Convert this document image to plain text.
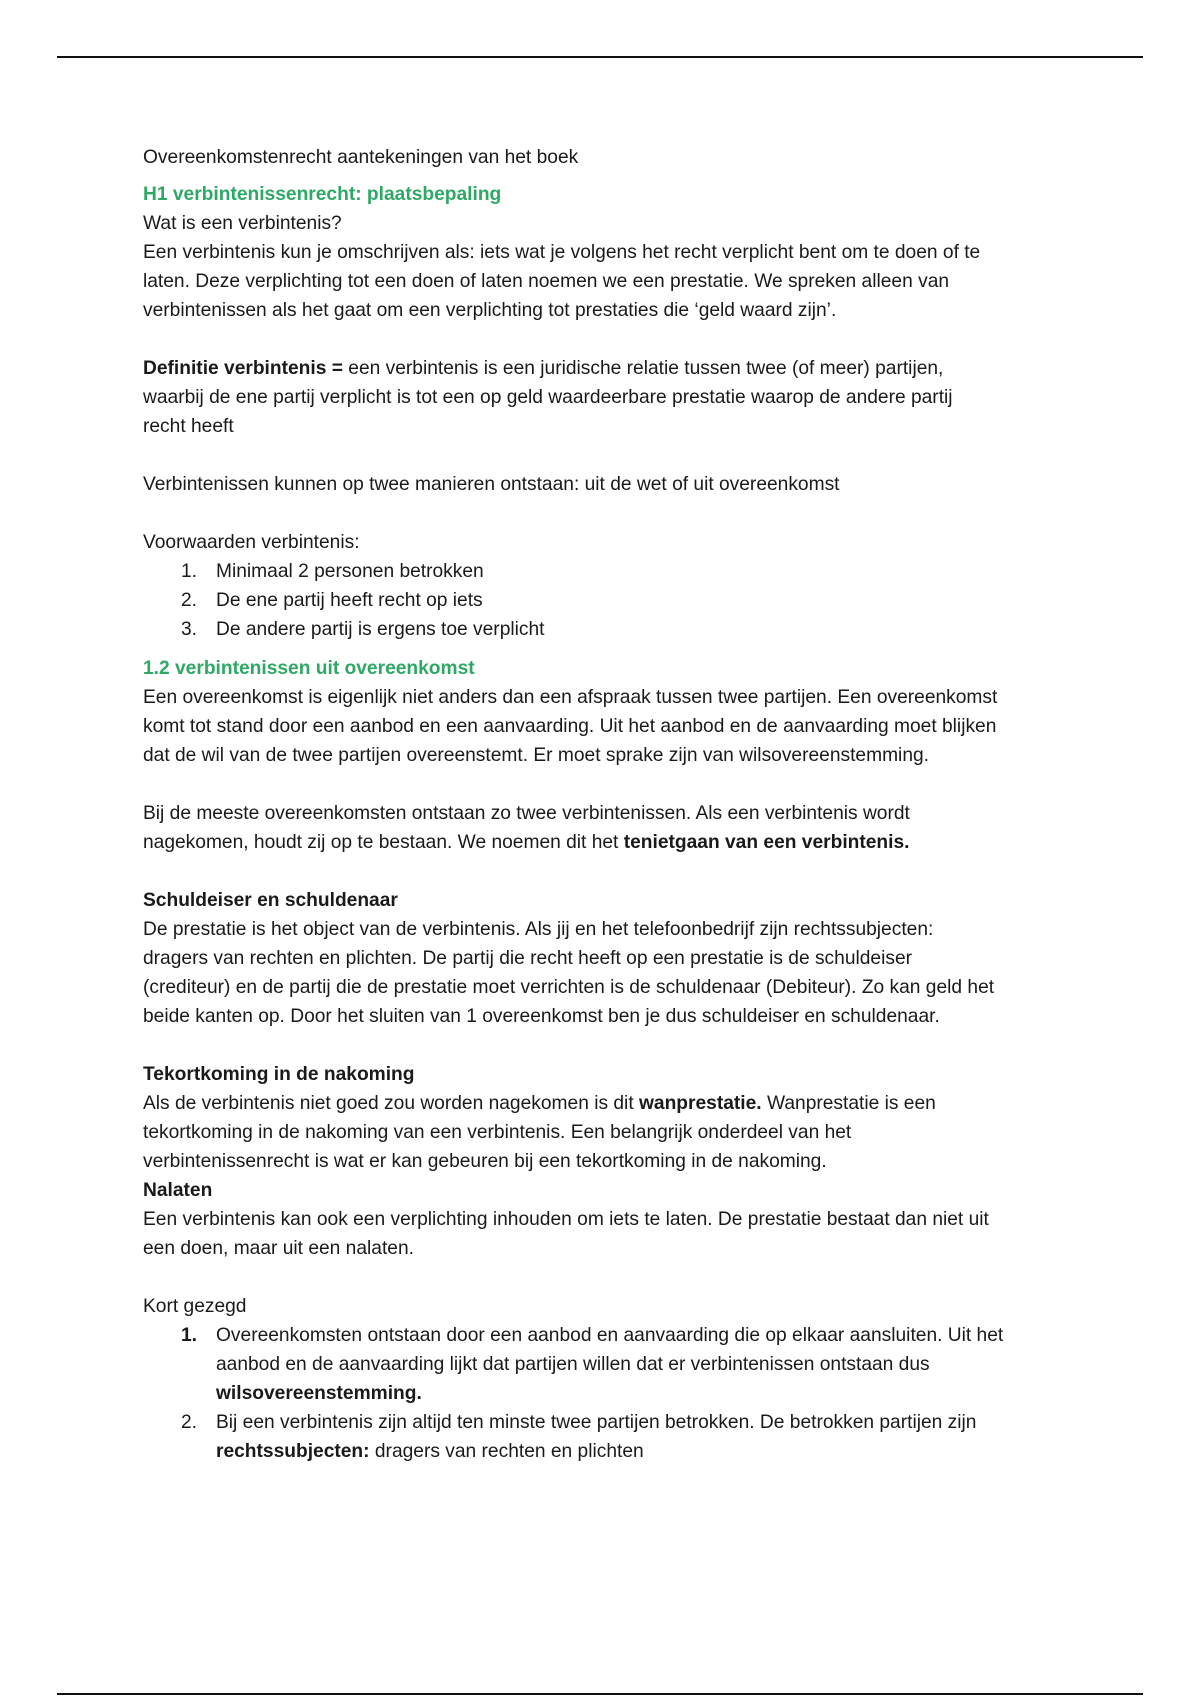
Overeenkomstenrecht aantekeningen van het boek
H1 verbintenissenrecht: plaatsbepaling
Wat is een verbintenis?
Een verbintenis kun je omschrijven als: iets wat je volgens het recht verplicht bent om te doen of te
laten. Deze verplichting tot een doen of laten noemen we een prestatie. We spreken alleen van
verbintenissen als het gaat om een verplichting tot prestaties die ‘geld waard zijn’.
Definitie verbintenis = een verbintenis is een juridische relatie tussen twee (of meer) partijen,
waarbij de ene partij verplicht is tot een op geld waardeerbare prestatie waarop de andere partij
recht heeft
Verbintenissen kunnen op twee manieren ontstaan: uit de wet of uit overeenkomst
Voorwaarden verbintenis:
1. Minimaal 2 personen betrokken
2. De ene partij heeft recht op iets
3. De andere partij is ergens toe verplicht
1.2 verbintenissen uit overeenkomst
Een overeenkomst is eigenlijk niet anders dan een afspraak tussen twee partijen. Een overeenkomst
komt tot stand door een aanbod en een aanvaarding. Uit het aanbod en de aanvaarding moet blijken
dat de wil van de twee partijen overeenstemt. Er moet sprake zijn van wilsovereenstemming.
Bij de meeste overeenkomsten ontstaan zo twee verbintenissen. Als een verbintenis wordt
nagekomen, houdt zij op te bestaan. We noemen dit het tenietgaan van een verbintenis.
Schuldeiser en schuldenaar
De prestatie is het object van de verbintenis. Als jij en het telefoonbedrijf zijn rechtssubjecten:
dragers van rechten en plichten. De partij die recht heeft op een prestatie is de schuldeiser
(crediteur) en de partij die de prestatie moet verrichten is de schuldenaar (Debiteur). Zo kan geld het
beide kanten op. Door het sluiten van 1 overeenkomst ben je dus schuldeiser en schuldenaar.
Tekortkoming in de nakoming
Als de verbintenis niet goed zou worden nagekomen is dit wanprestatie. Wanprestatie is een
tekortkoming in de nakoming van een verbintenis. Een belangrijk onderdeel van het
verbintenissenrecht is wat er kan gebeuren bij een tekortkoming in de nakoming.
Nalaten
Een verbintenis kan ook een verplichting inhouden om iets te laten. De prestatie bestaat dan niet uit
een doen, maar uit een nalaten.
Kort gezegd
1. Overeenkomsten ontstaan door een aanbod en aanvaarding die op elkaar aansluiten. Uit het
aanbod en de aanvaarding lijkt dat partijen willen dat er verbintenissen ontstaan dus
wilsovereenstemming.
2. Bij een verbintenis zijn altijd ten minste twee partijen betrokken. De betrokken partijen zijn
rechtssubjecten: dragers van rechten en plichten
